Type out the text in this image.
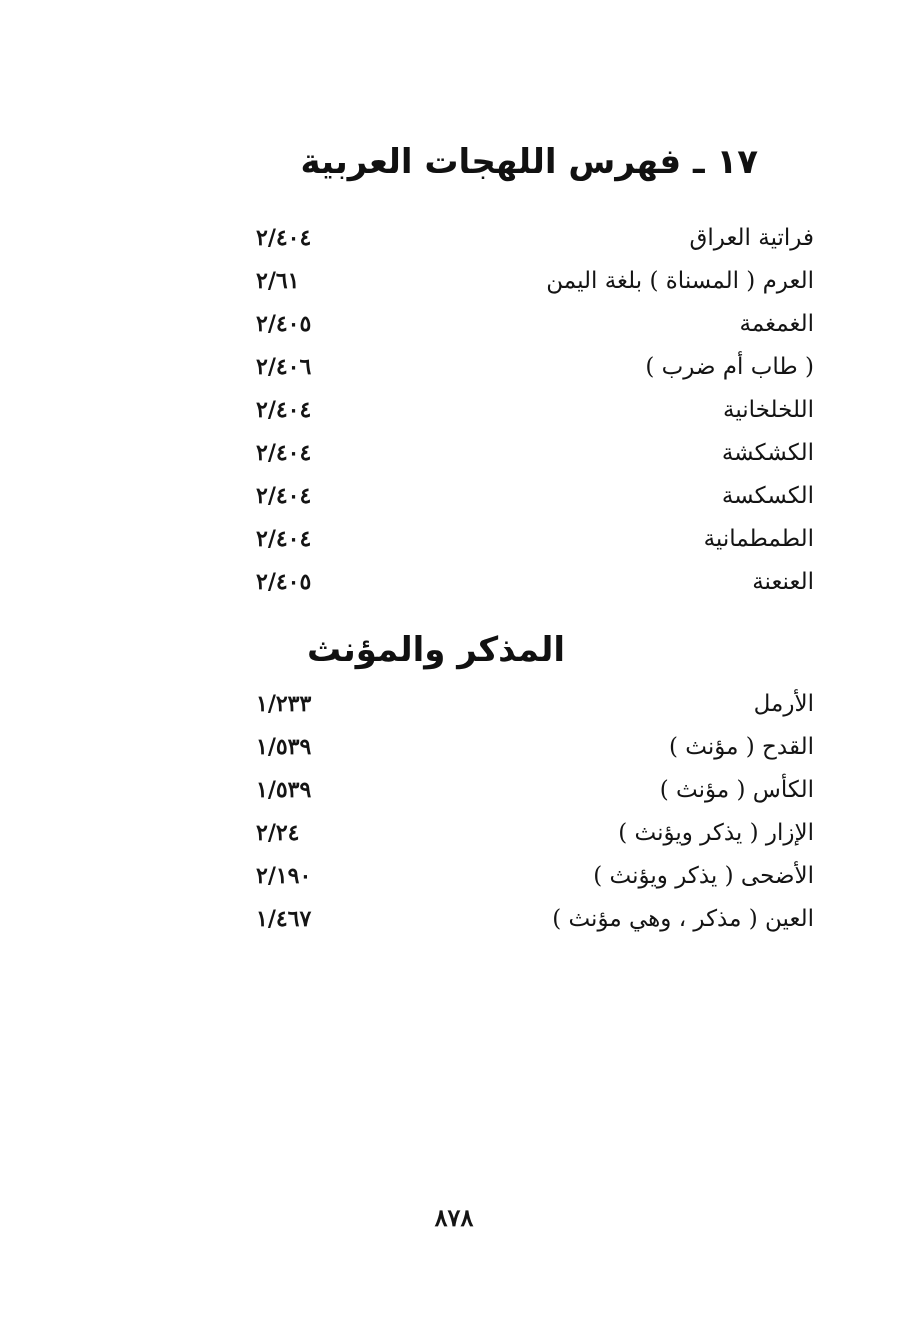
١٧ ـ فهرس اللهجات العربية
فراتية العراق
٢/٤٠٤
العرم ( المسناة ) بلغة اليمن
٢/٦١
الغمغمة
٢/٤٠٥
( طاب أم ضرب )
٢/٤٠٦
اللخلخانية
٢/٤٠٤
الكشكشة
٢/٤٠٤
الكسكسة
٢/٤٠٤
الطمطمانية
٢/٤٠٤
العنعنة
٢/٤٠٥
المذكر والمؤنث
الأرمل
١/٢٣٣
القدح ( مؤنث )
١/٥٣٩
الكأس ( مؤنث )
١/٥٣٩
الإزار ( يذكر ويؤنث )
٢/٢٤
الأضحى ( يذكر ويؤنث )
٢/١٩٠
العين ( مذكر ، وهي مؤنث )
١/٤٦٧
٨٧٨
